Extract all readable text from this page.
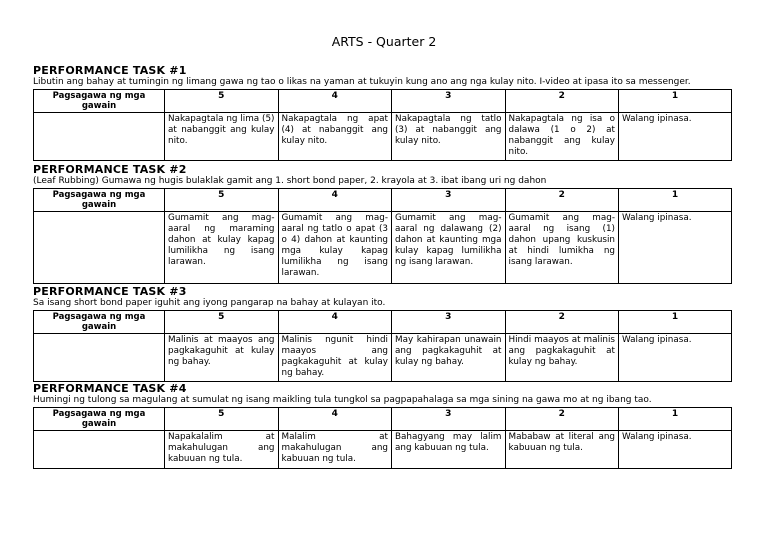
ARTS - Quarter 2
PERFORMANCE TASK #1

Libutin ang bahay at tumingin ng limang gawa ng tao o likas na yaman at tukuyin kung ano ang nga kulay nito. I-video at ipasa ito sa messenger.

Pagsagawa ng mga gawain	5	4	3	2	1
	Nakapagtala ng lima (5) at nabanggit ang kulay nito.	Nakapagtala ng apat (4) at nabanggit ang kulay nito.	Nakapagtala ng tatlo (3) at nabanggit ang kulay nito.	Nakapagtala ng isa o dalawa (1 o 2) at nabanggit ang kulay nito.	Walang ipinasa.
PERFORMANCE TASK #2

(Leaf Rubbing) Gumawa ng hugis bulaklak gamit ang 1. short bond paper, 2. krayola at 3. ibat ibang uri ng dahon

Pagsagawa ng mga gawain	5	4	3	2	1
	Gumamit ang mag-aaral ng maraming dahon at kulay kapag lumilikha ng isang larawan.	Gumamit ang mag-aaral ng tatlo o apat (3 o 4) dahon at kaunting mga kulay kapag lumilikha ng isang larawan.	Gumamit ang mag-aaral ng dalawang (2) dahon at kaunting mga kulay kapag lumilikha ng isang larawan.	Gumamit ang mag-aaral ng isang (1) dahon upang kuskusin at hindi lumikha ng isang larawan.	Walang ipinasa.
PERFORMANCE TASK #3

Sa isang short bond paper iguhit ang iyong pangarap na bahay at kulayan ito.

Pagsagawa ng mga gawain	5	4	3	2	1
	Malinis at maayos ang pagkakaguhit at kulay ng bahay.	Malinis ngunit hindi maayos ang pagkakaguhit at kulay ng bahay.	May kahirapan unawain ang pagkakaguhit at kulay ng bahay.	Hindi maayos at malinis ang pagkakaguhit at kulay ng bahay.	Walang ipinasa.
PERFORMANCE TASK #4

Humingi ng tulong sa magulang at sumulat ng isang maikling tula tungkol sa pagpapahalaga sa mga sining na gawa mo at ng ibang tao.

Pagsagawa ng mga gawain	5	4	3	2	1
	Napakalalim at makahulugan ang kabuuan ng tula.	Malalim at makahulugan ang kabuuan ng tula.	Bahagyang may lalim ang kabuuan ng tula.	Mababaw at literal ang kabuuan ng tula.	Walang ipinasa.
